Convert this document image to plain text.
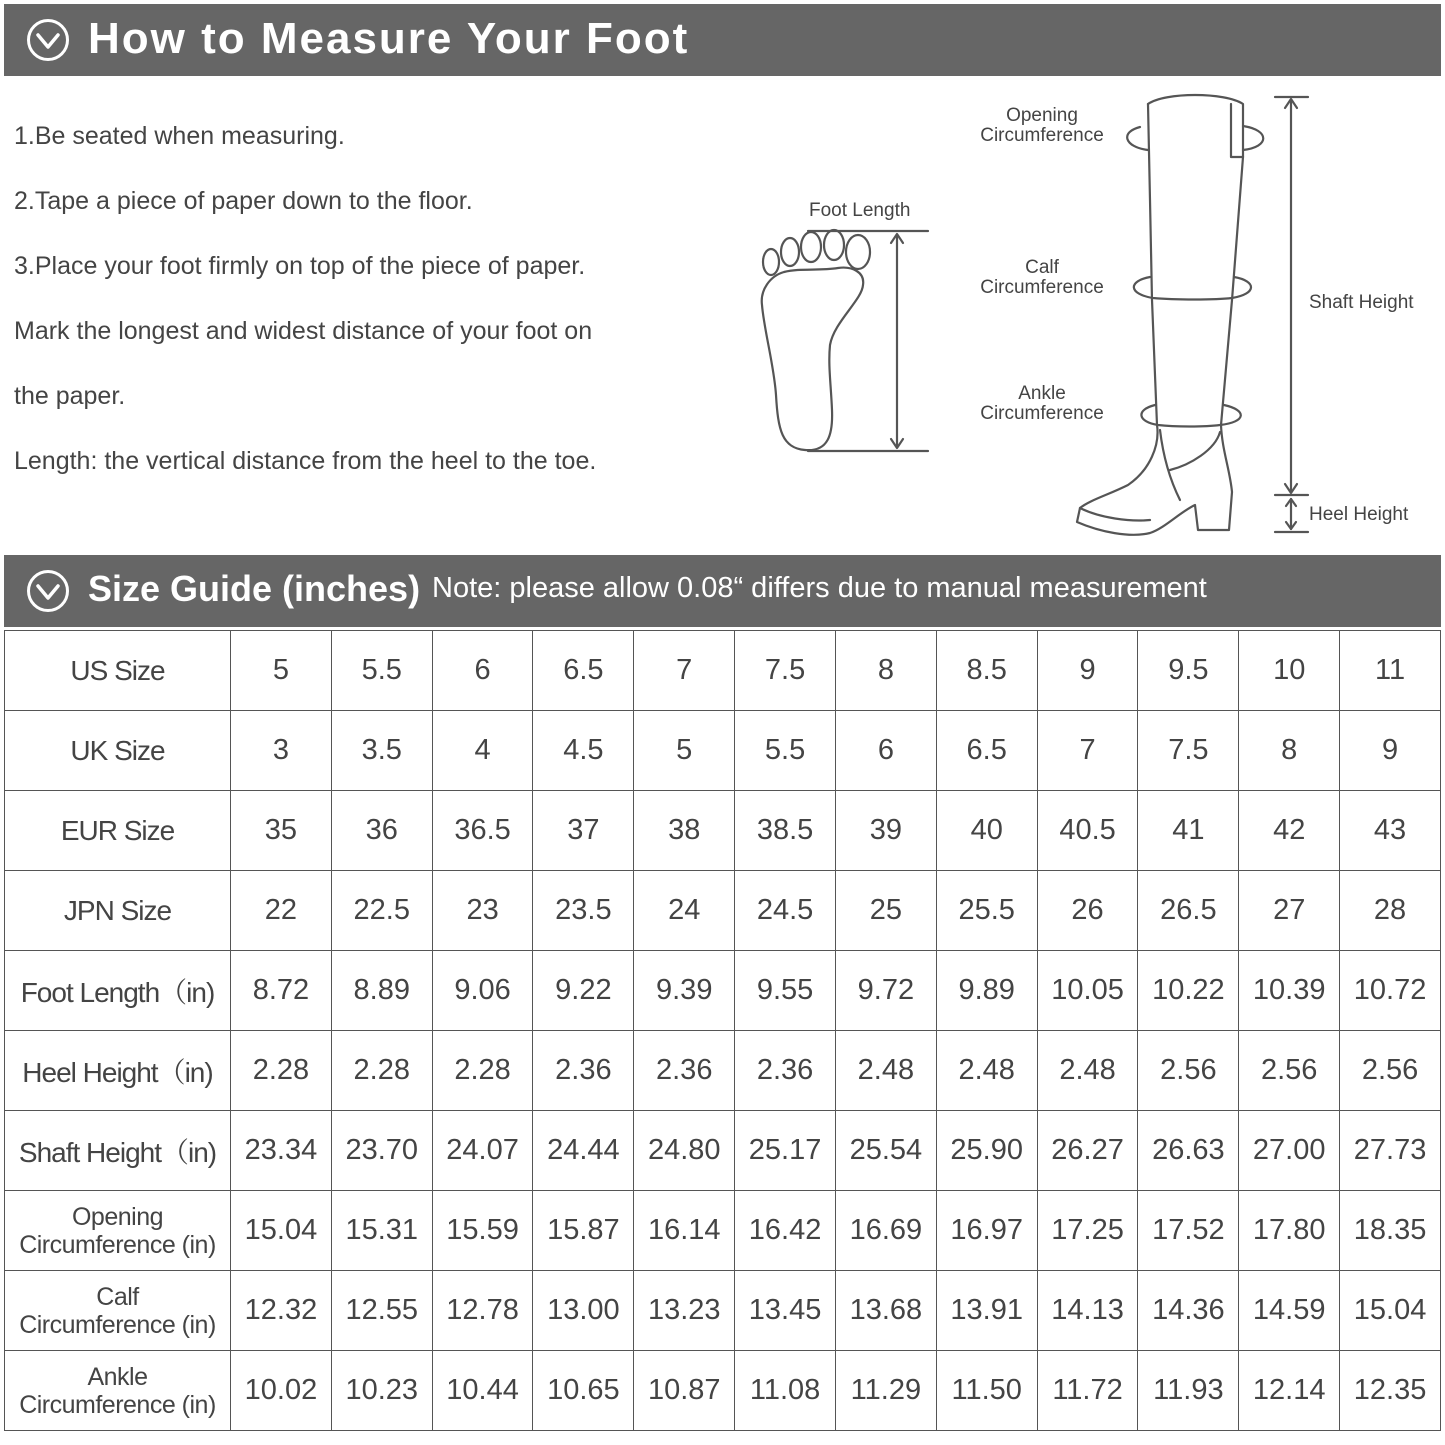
How to Measure Your Foot
1.Be seated when measuring.
2.Tape a piece of paper down to the floor.
3.Place your foot firmly on top of the piece of paper.
Mark the longest and widest distance of your foot on
the paper.
Length: the vertical distance from the heel to the toe.
Foot Length
Opening
Circumference
Calf
Circumference
Ankle
Circumference
Shaft Height
Heel Height
Size Guide (inches) Note: please allow 0.08“ differs due to manual measurement
US Size	5	5.5	6	6.5	7	7.5	8	8.5	9	9.5	10	11
UK Size	3	3.5	4	4.5	5	5.5	6	6.5	7	7.5	8	9
EUR Size	35	36	36.5	37	38	38.5	39	40	40.5	41	42	43
JPN Size	22	22.5	23	23.5	24	24.5	25	25.5	26	26.5	27	28
Foot Length（in)	8.72	8.89	9.06	9.22	9.39	9.55	9.72	9.89	10.05	10.22	10.39	10.72
Heel Height（in)	2.28	2.28	2.28	2.36	2.36	2.36	2.48	2.48	2.48	2.56	2.56	2.56
Shaft Height（in)	23.34	23.70	24.07	24.44	24.80	25.17	25.54	25.90	26.27	26.63	27.00	27.73

Opening
Circumference (in)	15.04	15.31	15.59	15.87	16.14	16.42	16.69	16.97	17.25	17.52	17.80	18.35

Calf
Circumference (in)	12.32	12.55	12.78	13.00	13.23	13.45	13.68	13.91	14.13	14.36	14.59	15.04

Ankle
Circumference (in)	10.02	10.23	10.44	10.65	10.87	11.08	11.29	11.50	11.72	11.93	12.14	12.35
